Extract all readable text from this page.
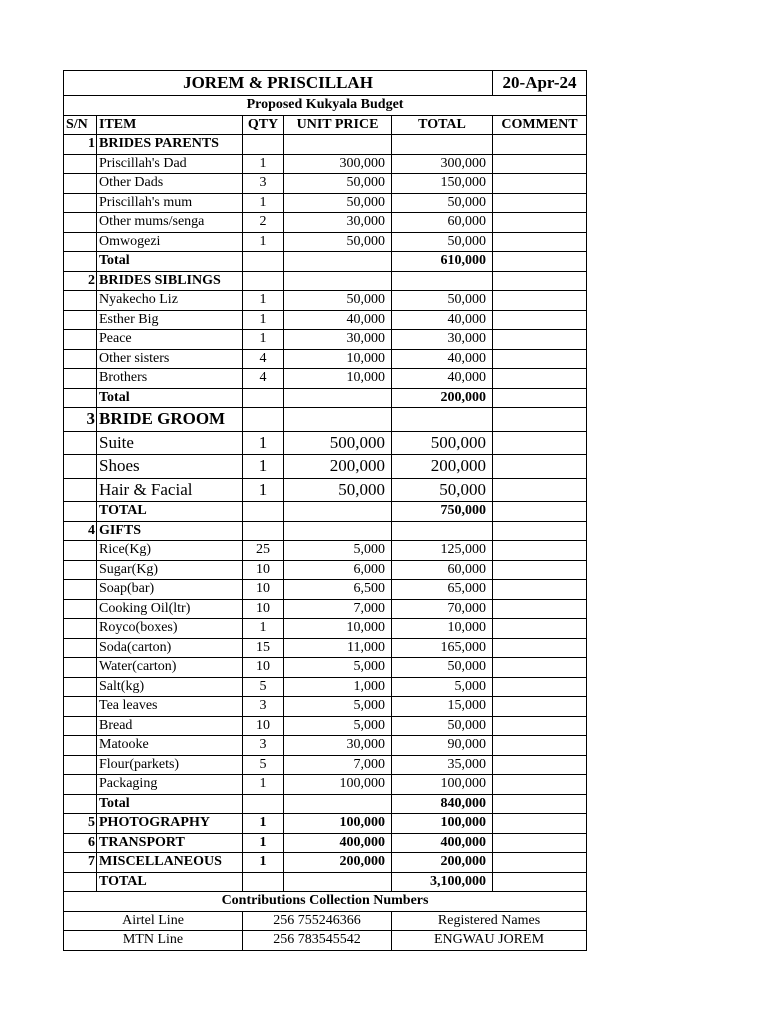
JOREM & PRISCILLAH					20-Apr-24
Proposed Kukyala Budget					
S/N	ITEM	QTY	UNIT PRICE	TOTAL	COMMENT
1	BRIDES PARENTS				
	Priscillah's Dad	1	300,000	300,000	
	Other Dads	3	50,000	150,000	
	Priscillah's mum	1	50,000	50,000	
	Other mums/senga	2	30,000	60,000	
	Omwogezi	1	50,000	50,000	
	Total			610,000	
2	BRIDES SIBLINGS				
	Nyakecho Liz	1	50,000	50,000	
	Esther Big	1	40,000	40,000	
	Peace	1	30,000	30,000	
	Other sisters	4	10,000	40,000	
	Brothers	4	10,000	40,000	
	Total			200,000	
3	BRIDE GROOM				
	Suite	1	500,000	500,000	
	Shoes	1	200,000	200,000	
	Hair & Facial	1	50,000	50,000	
	TOTAL			750,000	
4	GIFTS				
	Rice(Kg)	25	5,000	125,000	
	Sugar(Kg)	10	6,000	60,000	
	Soap(bar)	10	6,500	65,000	
	Cooking Oil(ltr)	10	7,000	70,000	
	Royco(boxes)	1	10,000	10,000	
	Soda(carton)	15	11,000	165,000	
	Water(carton)	10	5,000	50,000	
	Salt(kg)	5	1,000	5,000	
	Tea leaves	3	5,000	15,000	
	Bread	10	5,000	50,000	
	Matooke	3	30,000	90,000	
	Flour(parkets)	5	7,000	35,000	
	Packaging	1	100,000	100,000	
	Total			840,000	
5	PHOTOGRAPHY	1	100,000	100,000	
6	TRANSPORT	1	400,000	400,000	
7	MISCELLANEOUS	1	200,000	200,000	
	TOTAL			3,100,000	
Contributions Collection Numbers		
Airtel Line	256 755246366	Registered Names
MTN Line	256 783545542	ENGWAU JOREM
